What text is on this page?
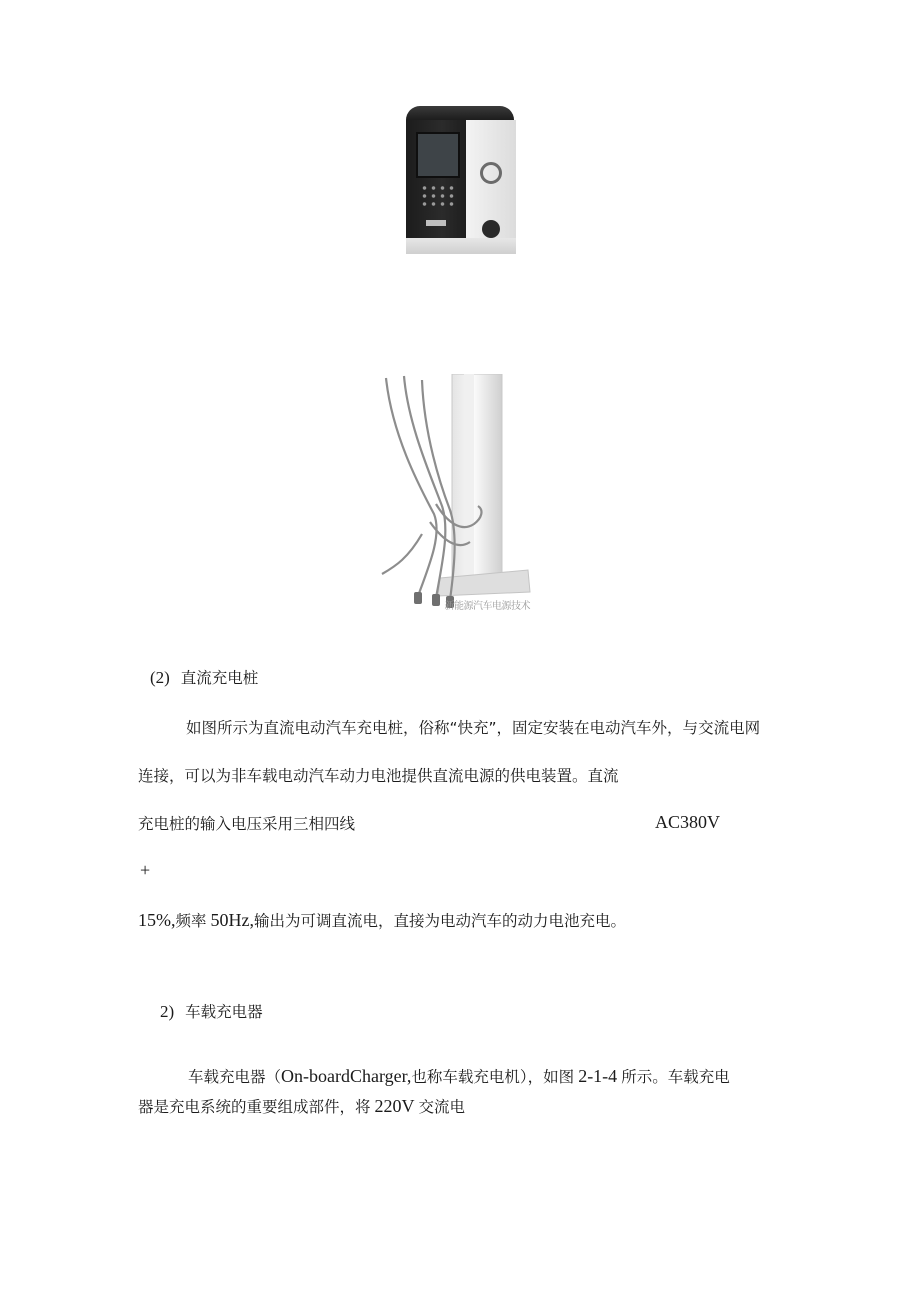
新能源汽车电源技术
(2) 直流充电桩
如图所示为直流电动汽车充电桩，俗称“快充”，固定安装在电动汽车外，与交流电网
连接，可以为非车载电动汽车动力电池提供直流电源的供电装置。直流
充电桩的输入电压采用三相四线	AC380V
+
15%,频率 50Hz,输出为可调直流电，直接为电动汽车的动力电池充电。
2) 车载充电器
车载充电器（On-boardCharger,也称车载充电机），如图 2-1-4 所示。车载充电
器是充电系统的重要组成部件，将 220V 交流电
